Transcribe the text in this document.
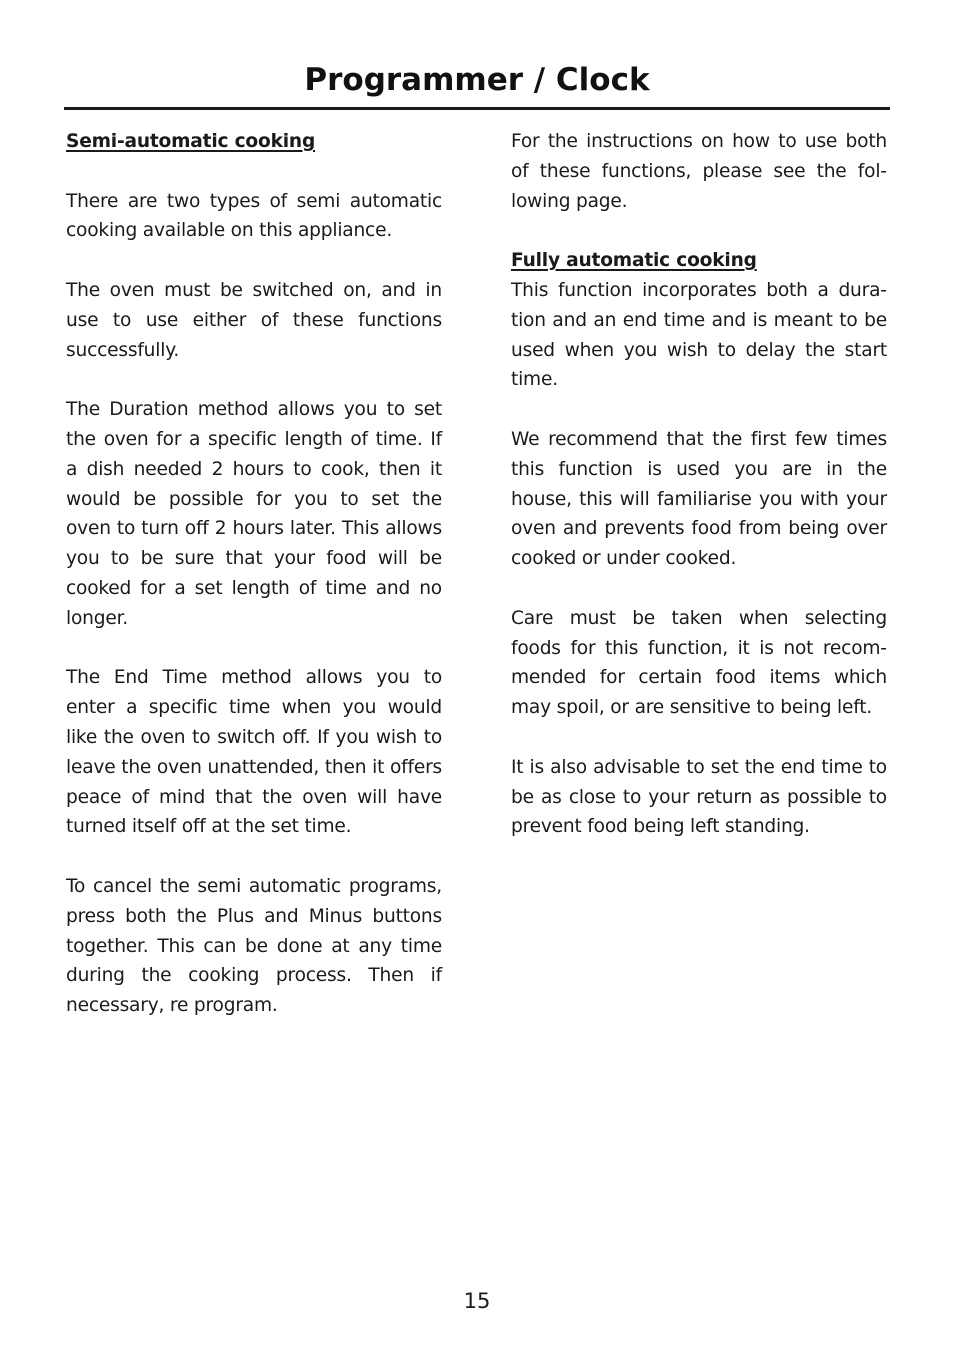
Programmer / Clock
Semi-automatic cooking

There are two types of semi automatic cooking available on this appliance.

The oven must be switched on, and in use to use either of these functions successfully.

The Duration method allows you to set the oven for a specific length of time. If a dish needed 2 hours to cook, then it would be possible for you to set the oven to turn off 2 hours later. This allows you to be sure that your food will be cooked for a set length of time and no longer.

The End Time method allows you to enter a specific time when you would like the oven to switch off. If you wish to leave the oven unattended, then it offers peace of mind that the oven will have turned itself off at the set time.

To cancel the semi automatic programs, press both the Plus and Minus buttons together. This can be done at any time during the cooking process. Then if necessary, re program.

For the instructions on how to use both of these functions, please see the following page.

Fully automatic cooking

This function incorporates both a duration and an end time and is meant to be used when you wish to delay the start time.

We recommend that the first few times this function is used you are in the house, this will familiarise you with your oven and prevents food from being over cooked or under cooked.

Care must be taken when selecting foods for this function, it is not recommended for certain food items which may spoil, or are sensitive to being left.

It is also advisable to set the end time to be as close to your return as possible to prevent food being left standing.

15
